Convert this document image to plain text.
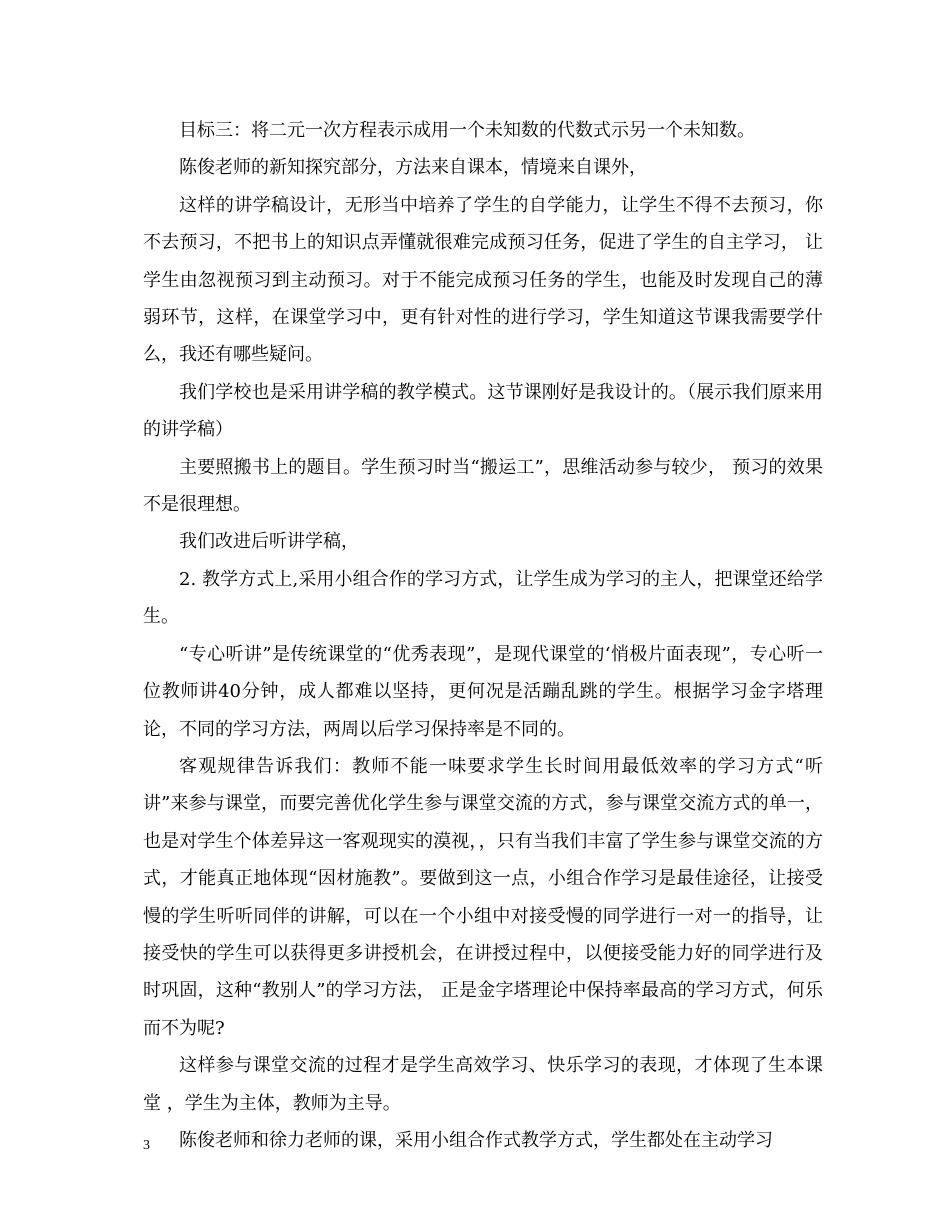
目标三：将二元一次方程表示成用一个未知数的代数式示另一个未知数。

陈俊老师的新知探究部分，方法来自课本，情境来自课外，

这样的讲学稿设计，无形当中培养了学生的自学能力，让学生不得不去预习，你不去预习，不把书上的知识点弄懂就很难完成预习任务，促进了学生的自主学习， 让学生由忽视预习到主动预习。对于不能完成预习任务的学生，也能及时发现自己的薄弱环节，这样，在课堂学习中，更有针对性的进行学习，学生知道这节课我需要学什么，我还有哪些疑问。

我们学校也是采用讲学稿的教学模式。这节课刚好是我设计的。（展示我们原来用的讲学稿）

主要照搬书上的题目。学生预习时当“搬运工”，思维活动参与较少， 预习的效果不是很理想。

我们改进后听讲学稿，

2. 教学方式上,采用小组合作的学习方式，让学生成为学习的主人，把课堂还给学生。

“专心听讲”是传统课堂的“优秀表现”，是现代课堂的‘悄极片面表现”，专心听一位教师讲40分钟，成人都难以坚持，更何况是活蹦乱跳的学生。根据学习金字塔理论，不同的学习方法，两周以后学习保持率是不同的。

客观规律告诉我们：教师不能一味要求学生长时间用最低效率的学习方式“听讲”来参与课堂，而要完善优化学生参与课堂交流的方式，参与课堂交流方式的单一，也是对学生个体差异这一客观现实的漠视，，只有当我们丰富了学生参与课堂交流的方式，才能真正地体现“因材施教”。要做到这一点，小组合作学习是最佳途径，让接受慢的学生听听同伴的讲解，可以在一个小组中对接受慢的同学进行一对一的指导，让接受快的学生可以获得更多讲授机会，在讲授过程中，以便接受能力好的同学进行及时巩固，这种“教别人”的学习方法， 正是金字塔理论中保持率最高的学习方式，何乐而不为呢?

这样参与课堂交流的过程才是学生高效学习、快乐学习的表现，才体现了生本课堂 ，学生为主体，教师为主导。

陈俊老师和徐力老师的课，采用小组合作式教学方式，学生都处在主动学习

3
